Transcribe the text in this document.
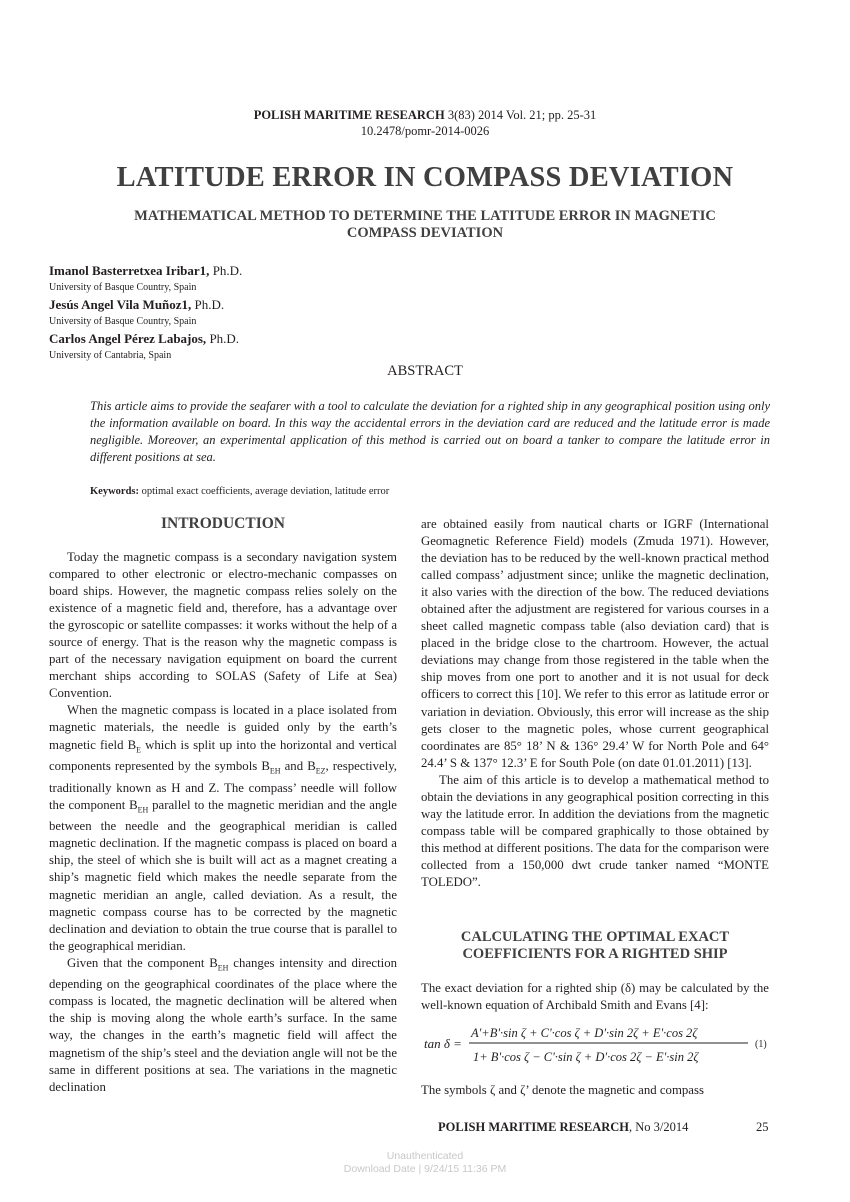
POLISH MARITIME RESEARCH 3(83) 2014 Vol. 21; pp. 25-31
10.2478/pomr-2014-0026
LATITUDE ERROR IN COMPASS DEVIATION
MATHEMATICAL METHOD TO DETERMINE THE LATITUDE ERROR IN MAGNETIC COMPASS DEVIATION
Imanol Basterretxea Iribar1, Ph.D.
University of Basque Country, Spain
Jesús Angel Vila Muñoz1, Ph.D.
University of Basque Country, Spain
Carlos Angel Pérez Labajos, Ph.D.
University of Cantabria, Spain
ABSTRACT
This article aims to provide the seafarer with a tool to calculate the deviation for a righted ship in any geographical position using only the information available on board. In this way the accidental errors in the deviation card are reduced and the latitude error is made negligible. Moreover, an experimental application of this method is carried out on board a tanker to compare the latitude error in different positions at sea.
Keywords: optimal exact coefficients, average deviation, latitude error
INTRODUCTION

Today the magnetic compass is a secondary navigation system compared to other electronic or electro-mechanic compasses on board ships. However, the magnetic compass relies solely on the existence of a magnetic field and, therefore, has a advantage over the gyroscopic or satellite compasses: it works without the help of a source of energy. That is the reason why the magnetic compass is part of the necessary navigation equipment on board the current merchant ships according to SOLAS (Safety of Life at Sea) Convention.

When the magnetic compass is located in a place isolated from magnetic materials, the needle is guided only by the earth’s magnetic field $B_E$ which is split up into the horizontal and vertical components represented by the symbols $B_{EH}$ and $B_{EZ}$, respectively, traditionally known as H and Z. The compass’ needle will follow the component $B_{EH}$ parallel to the magnetic meridian and the angle between the needle and the geographical meridian is called magnetic declination. If the magnetic compass is placed on board a ship, the steel of which she is built will act as a magnet creating a ship’s magnetic field which makes the needle separate from the magnetic meridian an angle, called deviation. As a result, the magnetic compass course has to be corrected by the magnetic declination and deviation to obtain the true course that is parallel to the geographical meridian.

Given that the component $B_{EH}$ changes intensity and direction depending on the geographical coordinates of the place where the compass is located, the magnetic declination will be altered when the ship is moving along the whole earth’s surface. In the same way, the changes in the earth’s magnetic field will affect the magnetism of the ship’s steel and the deviation angle will not be the same in different positions at sea. The variations in the magnetic declination

are obtained easily from nautical charts or IGRF (International Geomagnetic Reference Field) models (Zmuda 1971). However, the deviation has to be reduced by the well-known practical method called compass’ adjustment since; unlike the magnetic declination, it also varies with the direction of the bow. The reduced deviations obtained after the adjustment are registered for various courses in a sheet called magnetic compass table (also deviation card) that is placed in the bridge close to the chartroom. However, the actual deviations may change from those registered in the table when the ship moves from one port to another and it is not usual for deck officers to correct this [10]. We refer to this error as latitude error or variation in deviation. Obviously, this error will increase as the ship gets closer to the magnetic poles, whose current geographical coordinates are 85° 18’ N & 136° 29.4’ W for North Pole and 64° 24.4’ S & 137° 12.3’ E for South Pole (on date 01.01.2011) [13].

The aim of this article is to develop a mathematical method to obtain the deviations in any geographical position correcting in this way the latitude error. In addition the deviations from the magnetic compass table will be compared graphically to those obtained by this method at different positions. The data for the comparison were collected from a 150,000 dwt crude tanker named “MONTE TOLEDO”.

CALCULATING THE OPTIMAL EXACT COEFFICIENTS FOR A RIGHTED SHIP
The exact deviation for a righted ship (δ) may be calculated by the well-known equation of Archibald Smith and Evans [4]:
tan δ =
A'+B'·sin ζ + C'·cos ζ + D'·sin 2ζ + E'·cos 2ζ
1+ B'·cos ζ − C'·sin ζ + D'·cos 2ζ − E'·sin 2ζ
(1)
The symbols ζ and ζ’ denote the magnetic and compass
POLISH MARITIME RESEARCH, No 3/2014	25
Unauthenticated
Download Date | 9/24/15 11:36 PM
